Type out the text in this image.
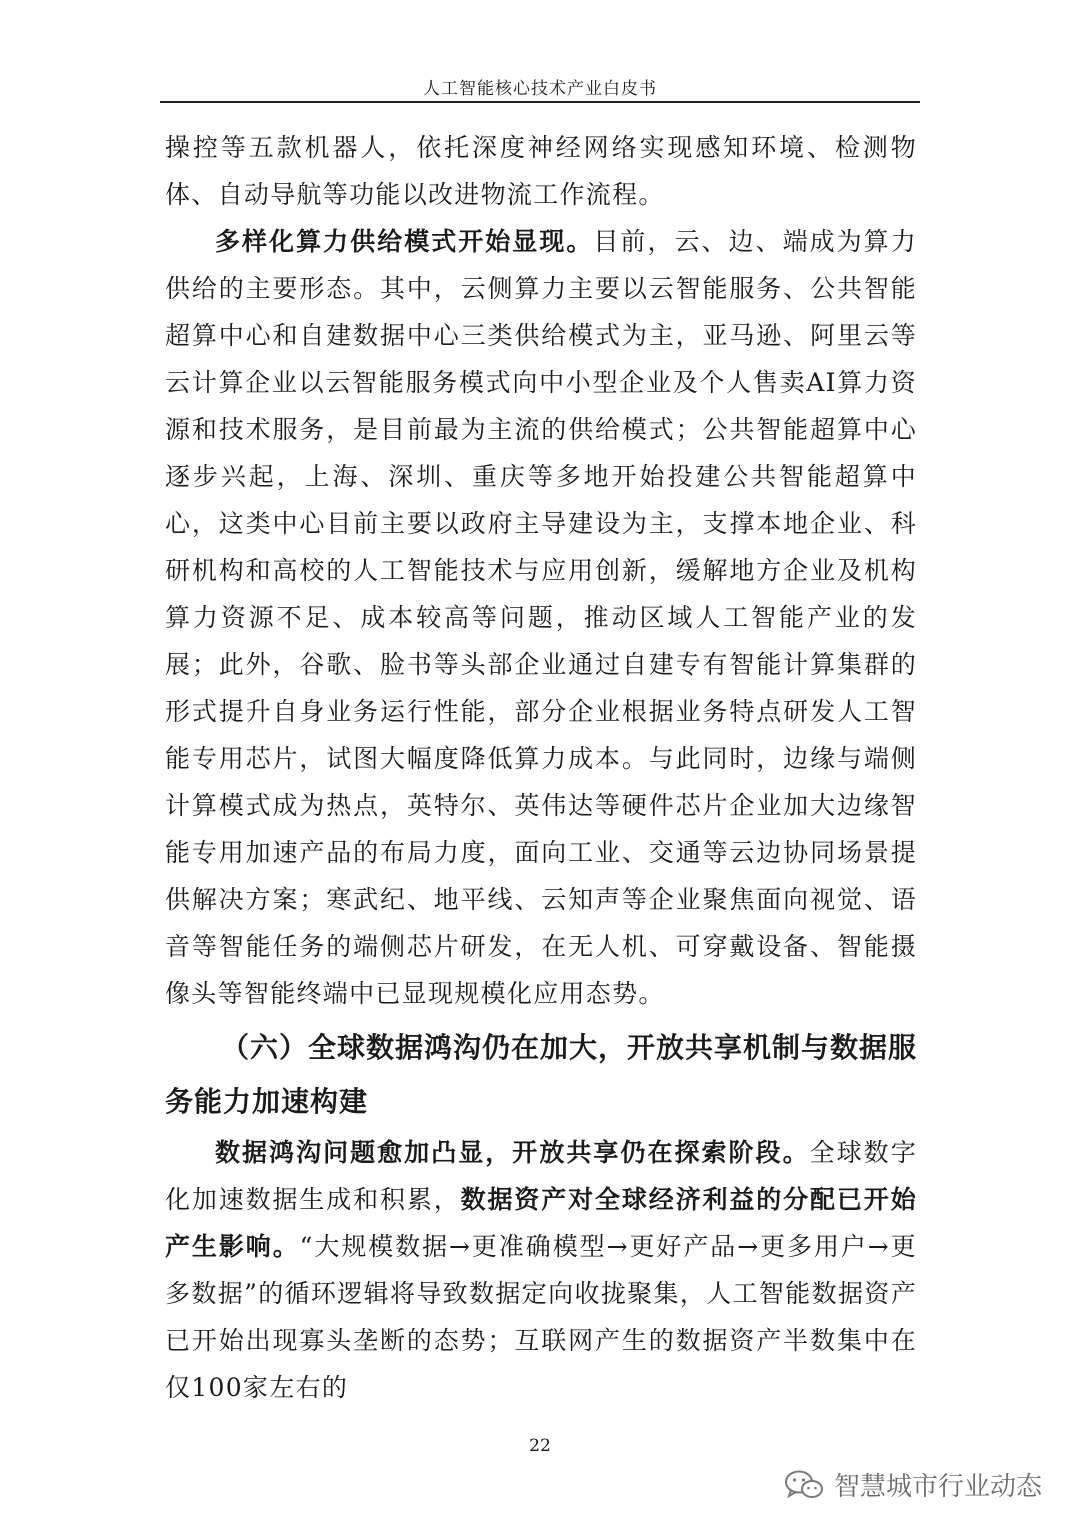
人工智能核心技术产业白皮书

操控等五款机器人，依托深度神经网络实现感知环境、检测物体、自动导航等功能以改进物流工作流程。

多样化算力供给模式开始显现。目前，云、边、端成为算力供给的主要形态。其中，云侧算力主要以云智能服务、公共智能超算中心和自建数据中心三类供给模式为主，亚马逊、阿里云等云计算企业以云智能服务模式向中小型企业及个人售卖AI算力资源和技术服务，是目前最为主流的供给模式；公共智能超算中心逐步兴起，上海、深圳、重庆等多地开始投建公共智能超算中心，这类中心目前主要以政府主导建设为主，支撑本地企业、科研机构和高校的人工智能技术与应用创新，缓解地方企业及机构算力资源不足、成本较高等问题，推动区域人工智能产业的发展；此外，谷歌、脸书等头部企业通过自建专有智能计算集群的形式提升自身业务运行性能，部分企业根据业务特点研发人工智能专用芯片，试图大幅度降低算力成本。与此同时，边缘与端侧计算模式成为热点，英特尔、英伟达等硬件芯片企业加大边缘智能专用加速产品的布局力度，面向工业、交通等云边协同场景提供解决方案；寒武纪、地平线、云知声等企业聚焦面向视觉、语音等智能任务的端侧芯片研发，在无人机、可穿戴设备、智能摄像头等智能终端中已显现规模化应用态势。

（六）全球数据鸿沟仍在加大，开放共享机制与数据服务能力加速构建

数据鸿沟问题愈加凸显，开放共享仍在探索阶段。全球数字化加速数据生成和积累，数据资产对全球经济利益的分配已开始产生影响。“大规模数据→更准确模型→更好产品→更多用户→更多数据”的循环逻辑将导致数据定向收拢聚集，人工智能数据资产已开始出现寡头垄断的态势；互联网产生的数据资产半数集中在仅100家左右的

22
智慧城市行业动态
